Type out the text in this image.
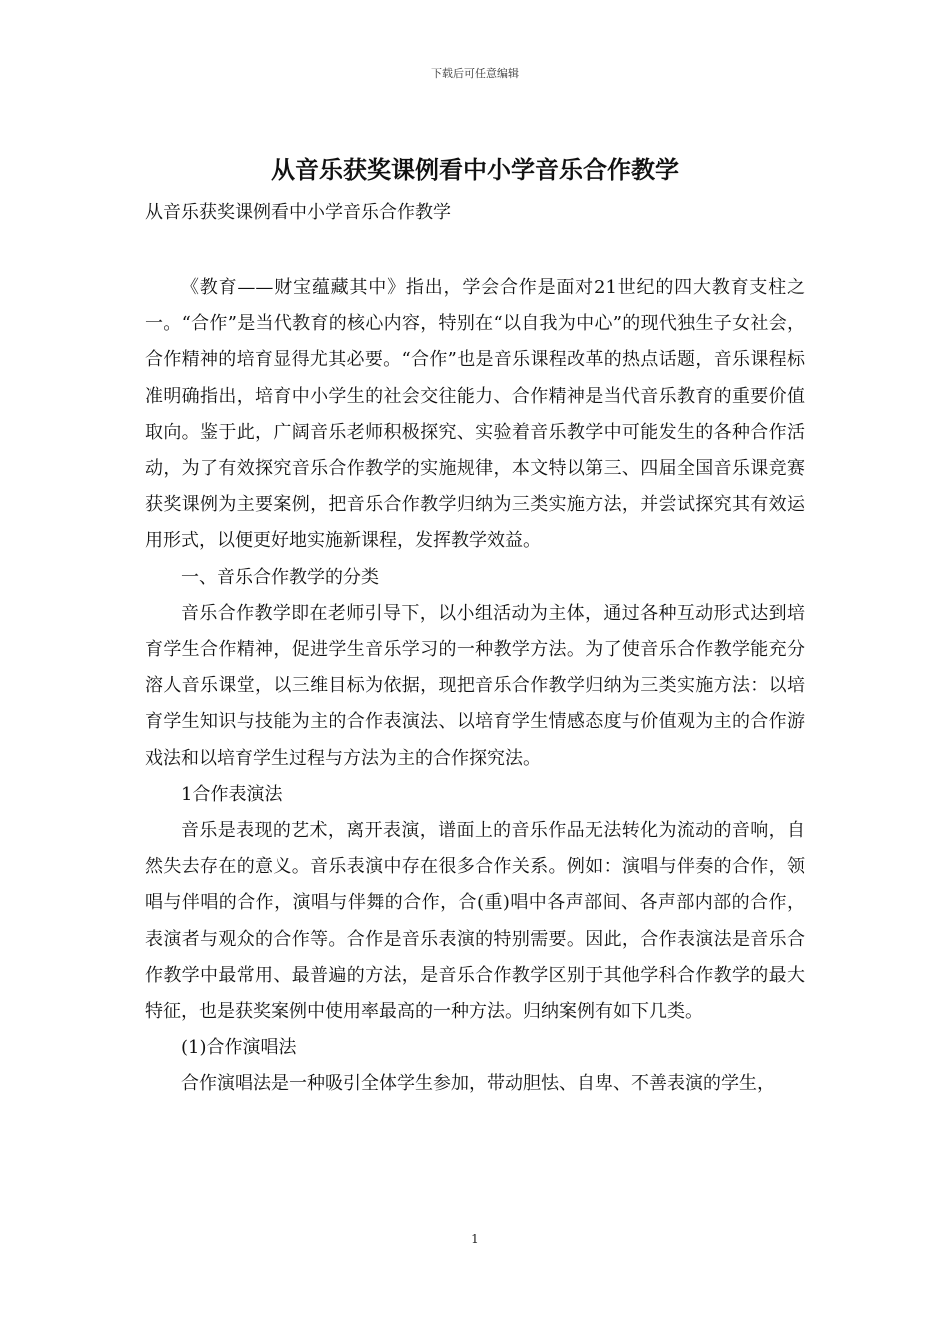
下载后可任意编辑
从音乐获奖课例看中小学音乐合作教学
从音乐获奖课例看中小学音乐合作教学

《教育——财宝蕴藏其中》指出，学会合作是面对21世纪的四大教育支柱之一。“合作”是当代教育的核心内容，特别在“以自我为中心”的现代独生子女社会，合作精神的培育显得尤其必要。“合作”也是音乐课程改革的热点话题，音乐课程标准明确指出，培育中小学生的社会交往能力、合作精神是当代音乐教育的重要价值取向。鉴于此，广阔音乐老师积极探究、实验着音乐教学中可能发生的各种合作活动，为了有效探究音乐合作教学的实施规律，本文特以第三、四届全国音乐课竞赛获奖课例为主要案例，把音乐合作教学归纳为三类实施方法，并尝试探究其有效运用形式，以便更好地实施新课程，发挥教学效益。

一、音乐合作教学的分类

音乐合作教学即在老师引导下，以小组活动为主体，通过各种互动形式达到培育学生合作精神，促进学生音乐学习的一种教学方法。为了使音乐合作教学能充分溶人音乐课堂，以三维目标为依据，现把音乐合作教学归纳为三类实施方法：以培育学生知识与技能为主的合作表演法、以培育学生情感态度与价值观为主的合作游戏法和以培育学生过程与方法为主的合作探究法。

1合作表演法

音乐是表现的艺术，离开表演，谱面上的音乐作品无法转化为流动的音响，自然失去存在的意义。音乐表演中存在很多合作关系。例如：演唱与伴奏的合作，领唱与伴唱的合作，演唱与伴舞的合作，合(重)唱中各声部间、各声部内部的合作，表演者与观众的合作等。合作是音乐表演的特别需要。因此，合作表演法是音乐合作教学中最常用、最普遍的方法，是音乐合作教学区别于其他学科合作教学的最大特征，也是获奖案例中使用率最高的一种方法。归纳案例有如下几类。

(1)合作演唱法

合作演唱法是一种吸引全体学生参加，带动胆怯、自卑、不善表演的学生，

1
